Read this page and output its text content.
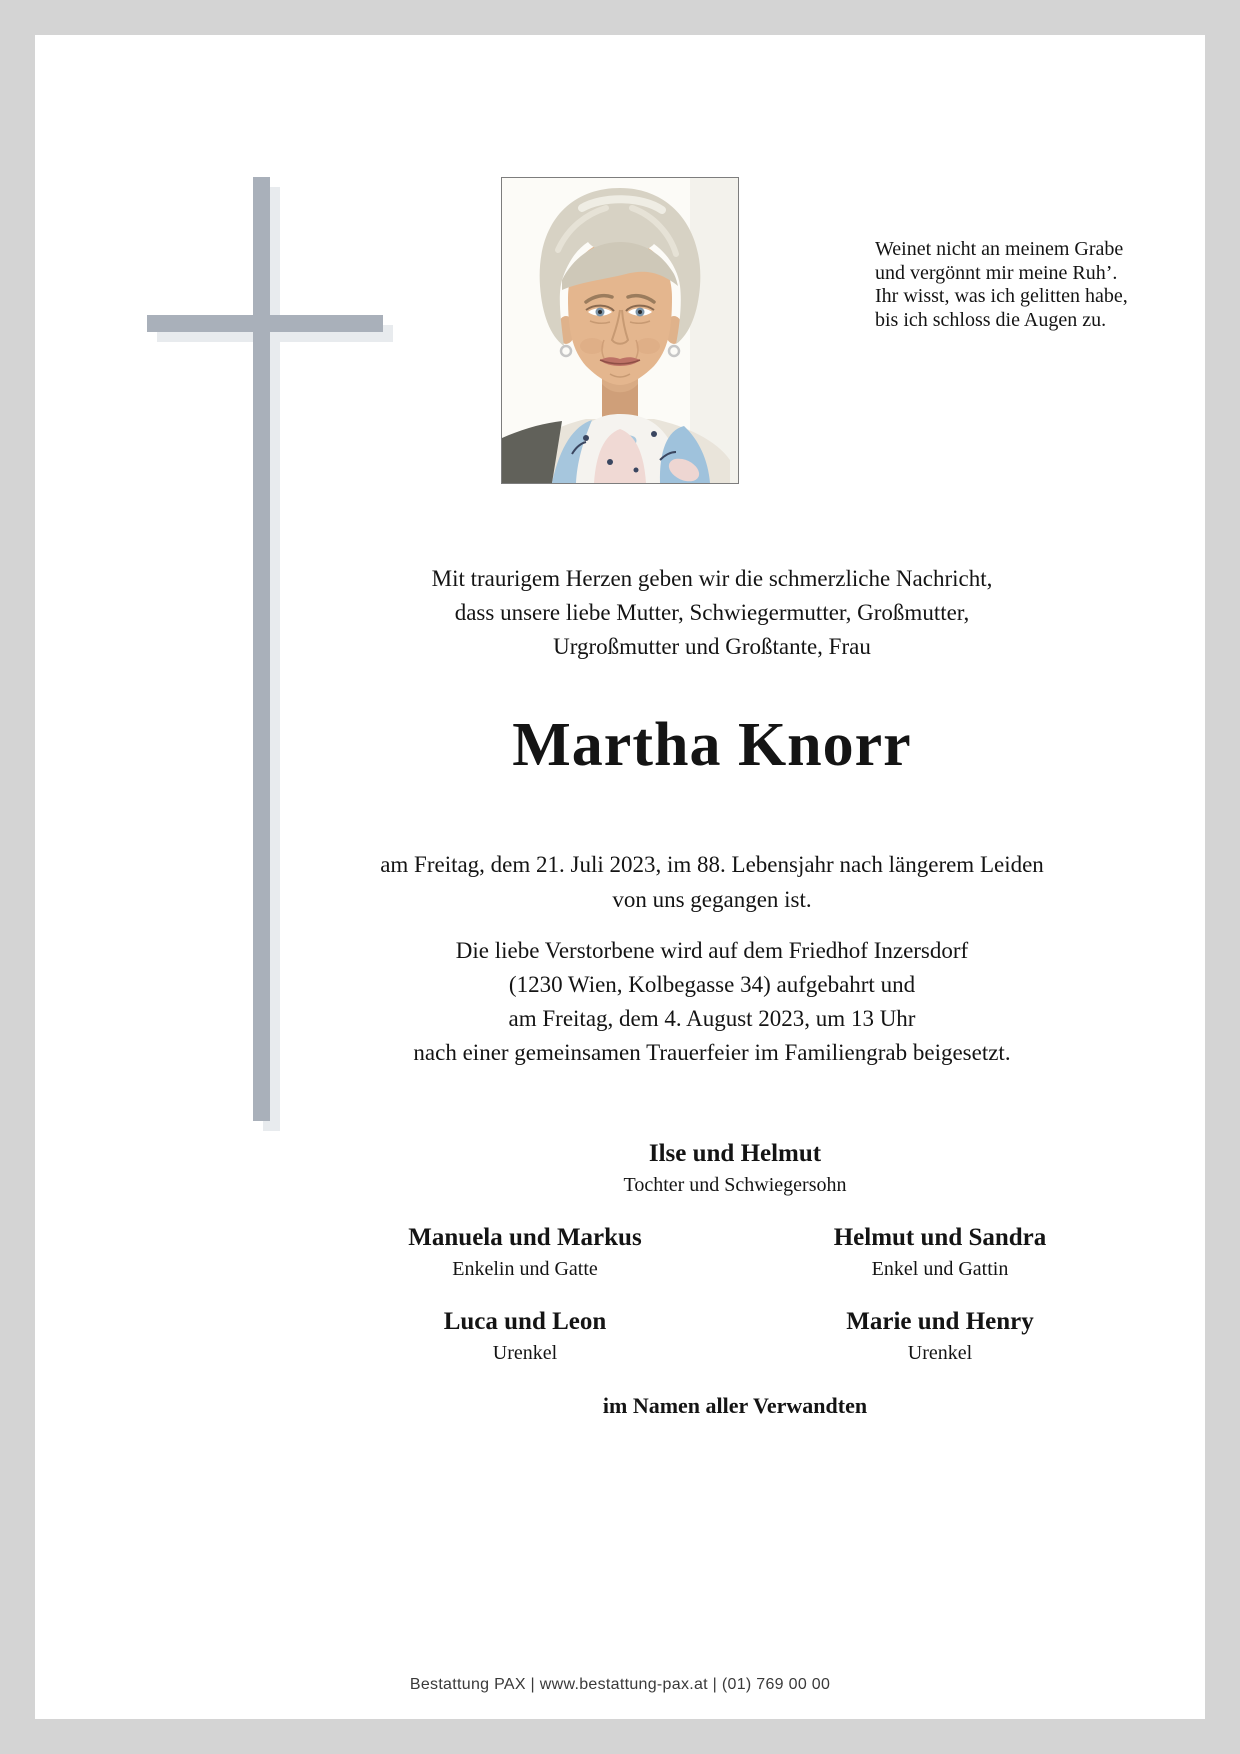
Weinet nicht an meinem Grabe
und vergönnt mir meine Ruh’.
Ihr wisst, was ich gelitten habe,
bis ich schloss die Augen zu.
Mit traurigem Herzen geben wir die schmerzliche Nachricht,
dass unsere liebe Mutter, Schwiegermutter, Großmutter,
Urgroßmutter und Großtante, Frau
Martha Knorr
am Freitag, dem 21. Juli 2023, im 88. Lebensjahr nach längerem Leiden
von uns gegangen ist.
Die liebe Verstorbene wird auf dem Friedhof Inzersdorf
(1230 Wien, Kolbegasse 34) aufgebahrt und
am Freitag, dem 4. August 2023, um 13 Uhr
nach einer gemeinsamen Trauerfeier im Familiengrab beigesetzt.
Ilse und Helmut
Tochter und Schwiegersohn
Manuela und Markus
Enkelin und Gatte
Helmut und Sandra
Enkel und Gattin
Luca und Leon
Urenkel
Marie und Henry
Urenkel
im Namen aller Verwandten
Bestattung PAX | www.bestattung-pax.at | (01) 769 00 00
